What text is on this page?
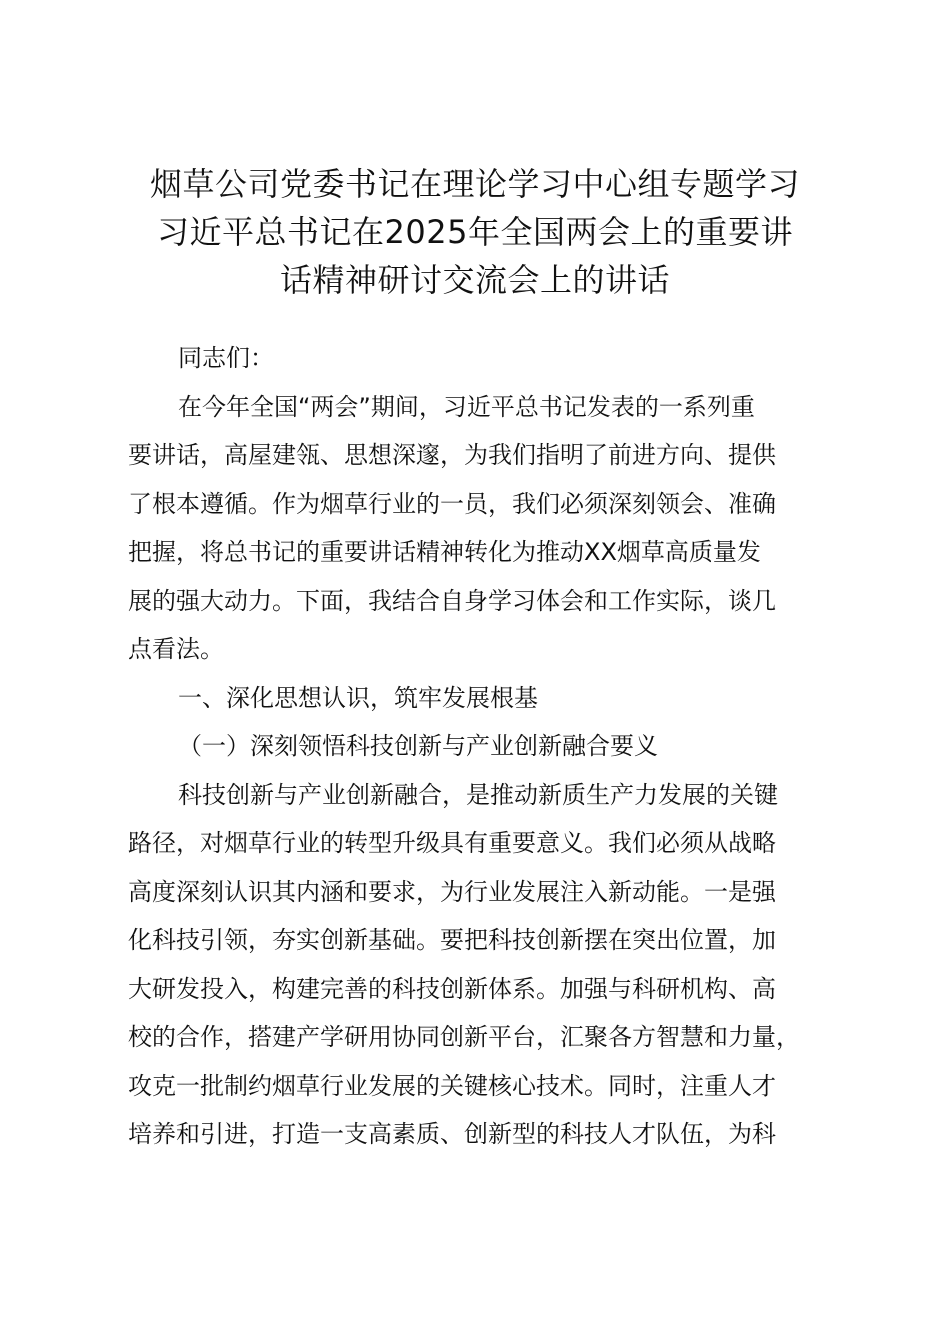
烟草公司党委书记在理论学习中心组专题学习
习近平总书记在2025年全国两会上的重要讲
话精神研讨交流会上的讲话

同志们：

在今年全国“两会”期间，习近平总书记发表的一系列重
要讲话，高屋建瓴、思想深邃，为我们指明了前进方向、提供
了根本遵循。作为烟草行业的一员，我们必须深刻领会、准确
把握，将总书记的重要讲话精神转化为推动XX烟草高质量发
展的强大动力。下面，我结合自身学习体会和工作实际，谈几
点看法。

一、深化思想认识，筑牢发展根基

（一）深刻领悟科技创新与产业创新融合要义

科技创新与产业创新融合，是推动新质生产力发展的关键
路径，对烟草行业的转型升级具有重要意义。我们必须从战略
高度深刻认识其内涵和要求，为行业发展注入新动能。一是强
化科技引领，夯实创新基础。要把科技创新摆在突出位置，加
大研发投入，构建完善的科技创新体系。加强与科研机构、高
校的合作，搭建产学研用协同创新平台，汇聚各方智慧和力量，
攻克一批制约烟草行业发展的关键核心技术。同时，注重人才
培养和引进，打造一支高素质、创新型的科技人才队伍，为科
